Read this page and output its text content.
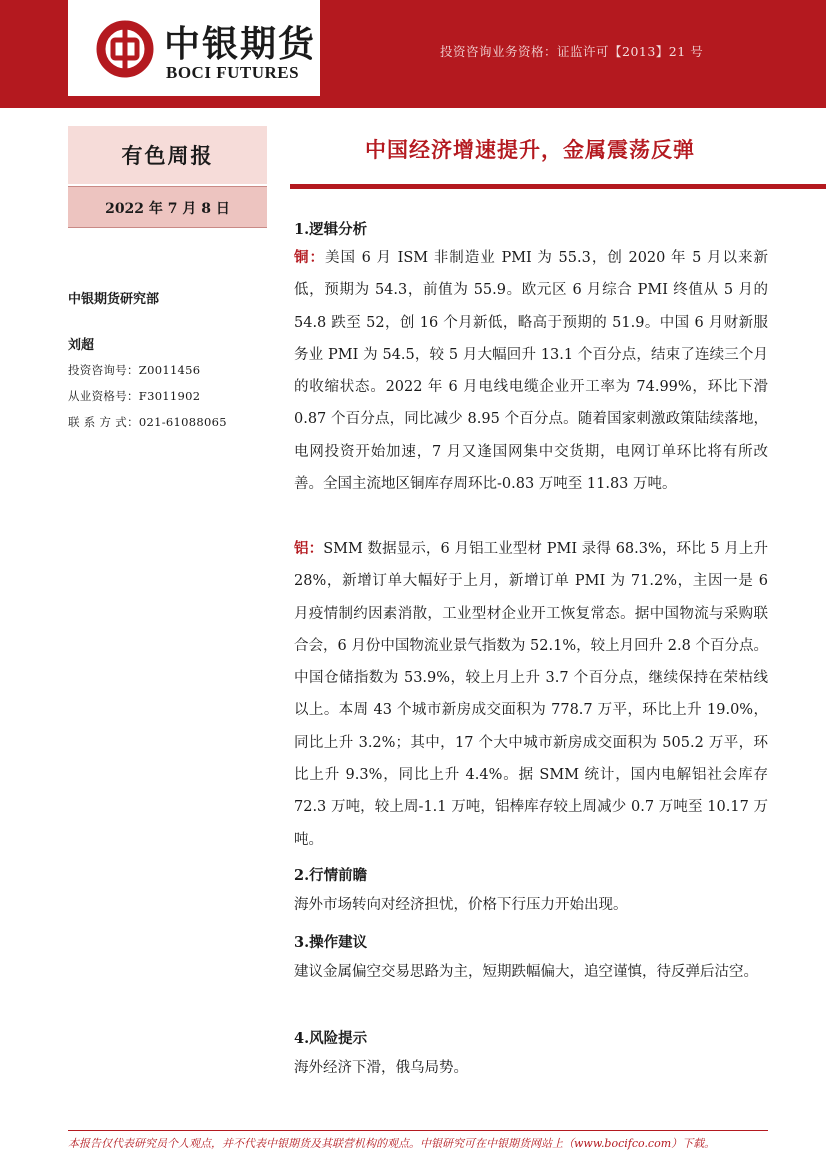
中银期货
BOCI FUTURES
投资咨询业务资格：证监许可【2013】21 号
有色周报
2022 年 7 月 8 日
中银期货研究部
刘超
投资咨询号：Z0011456
从业资格号：F3011902
联 系 方 式：021-61088065
中国经济增速提升，金属震荡反弹
1.逻辑分析
铜：美国 6 月 ISM 非制造业 PMI 为 55.3，创 2020 年 5 月以来新低，预期为 54.3，前值为 55.9。欧元区 6 月综合 PMI 终值从 5 月的 54.8 跌至 52，创 16 个月新低，略高于预期的 51.9。中国 6 月财新服务业 PMI 为 54.5，较 5 月大幅回升 13.1 个百分点，结束了连续三个月的收缩状态。2022 年 6 月电线电缆企业开工率为 74.99%，环比下滑 0.87 个百分点，同比减少 8.95 个百分点。随着国家刺激政策陆续落地，电网投资开始加速，7 月又逢国网集中交货期，电网订单环比将有所改善。全国主流地区铜库存周环比-0.83 万吨至 11.83 万吨。
铝：SMM 数据显示，6 月铝工业型材 PMI 录得 68.3%，环比 5 月上升 28%，新增订单大幅好于上月，新增订单 PMI 为 71.2%，主因一是 6 月疫情制约因素消散，工业型材企业开工恢复常态。据中国物流与采购联合会，6 月份中国物流业景气指数为 52.1%，较上月回升 2.8 个百分点。中国仓储指数为 53.9%，较上月上升 3.7 个百分点，继续保持在荣枯线以上。本周 43 个城市新房成交面积为 778.7 万平，环比上升 19.0%，同比上升 3.2%；其中，17 个大中城市新房成交面积为 505.2 万平，环比上升 9.3%，同比上升 4.4%。据 SMM 统计，国内电解铝社会库存 72.3 万吨，较上周-1.1 万吨，铝棒库存较上周减少 0.7 万吨至 10.17 万吨。
2.行情前瞻
海外市场转向对经济担忧，价格下行压力开始出现。
3.操作建议
建议金属偏空交易思路为主，短期跌幅偏大，追空谨慎，待反弹后沽空。
4.风险提示
海外经济下滑，俄乌局势。
本报告仅代表研究员个人观点，并不代表中银期货及其联营机构的观点。中银研究可在中银期货网站上（www.bocifco.com）下载。
